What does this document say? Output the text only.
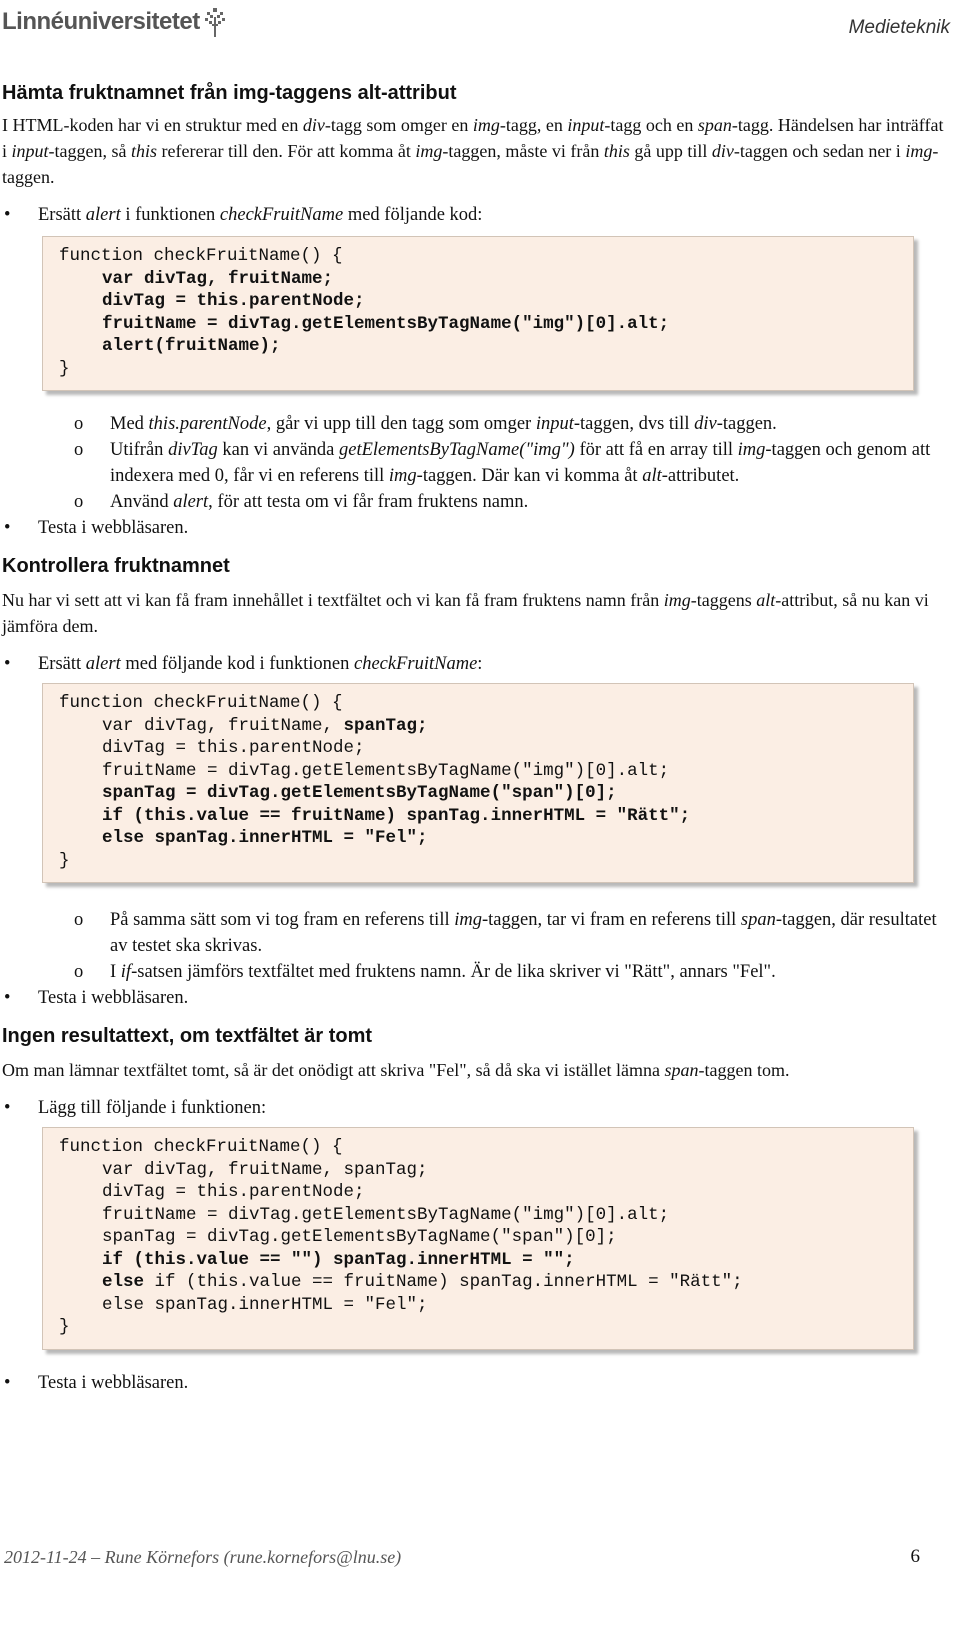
Linnéuniversitetet	Medieteknik
Hämta fruktnamnet från img-taggens alt-attribut

I HTML-koden har vi en struktur med en div-tagg som omger en img-tagg, en input-tagg och en span-tagg. Händelsen har inträffat i input-taggen, så this refererar till den. För att komma åt img-taggen, måste vi från this gå upp till div-taggen och sedan ner i img-taggen.

• Ersätt alert i funktionen checkFruitName med följande kod:
function checkFruitName() {
var divTag, fruitName;
divTag = this.parentNode;
fruitName = divTag.getElementsByTagName("img")[0].alt;
alert(fruitName);
}
o Med this.parentNode, går vi upp till den tagg som omger input-taggen, dvs till div-taggen.
o Utifrån divTag kan vi använda getElementsByTagName("img") för att få en array till img-taggen och genom att indexera med 0, får vi en referens till img-taggen. Där kan vi komma åt alt-attributet.
o Använd alert, för att testa om vi får fram fruktens namn.
• Testa i webbläsaren.
Kontrollera fruktnamnet

Nu har vi sett att vi kan få fram innehållet i textfältet och vi kan få fram fruktens namn från img-taggens alt-attribut, så nu kan vi jämföra dem.

• Ersätt alert med följande kod i funktionen checkFruitName:
function checkFruitName() {
var divTag, fruitName, spanTag;
divTag = this.parentNode;
fruitName = divTag.getElementsByTagName("img")[0].alt;
spanTag = divTag.getElementsByTagName("span")[0];
if (this.value == fruitName) spanTag.innerHTML = "Rätt";
else spanTag.innerHTML = "Fel";
}
o På samma sätt som vi tog fram en referens till img-taggen, tar vi fram en referens till span-taggen, där resultatet av testet ska skrivas.
o I if-satsen jämförs textfältet med fruktens namn. Är de lika skriver vi "Rätt", annars "Fel".
• Testa i webbläsaren.
Ingen resultattext, om textfältet är tomt

Om man lämnar textfältet tomt, så är det onödigt att skriva "Fel", så då ska vi istället lämna span-taggen tom.

• Lägg till följande i funktionen:
function checkFruitName() {
var divTag, fruitName, spanTag;
divTag = this.parentNode;
fruitName = divTag.getElementsByTagName("img")[0].alt;
spanTag = divTag.getElementsByTagName("span")[0];
if (this.value == "") spanTag.innerHTML = "";
else if (this.value == fruitName) spanTag.innerHTML = "Rätt";
else spanTag.innerHTML = "Fel";
}
• Testa i webbläsaren.
2012-11-24 – Rune Körnefors (rune.kornefors@lnu.se)	6
